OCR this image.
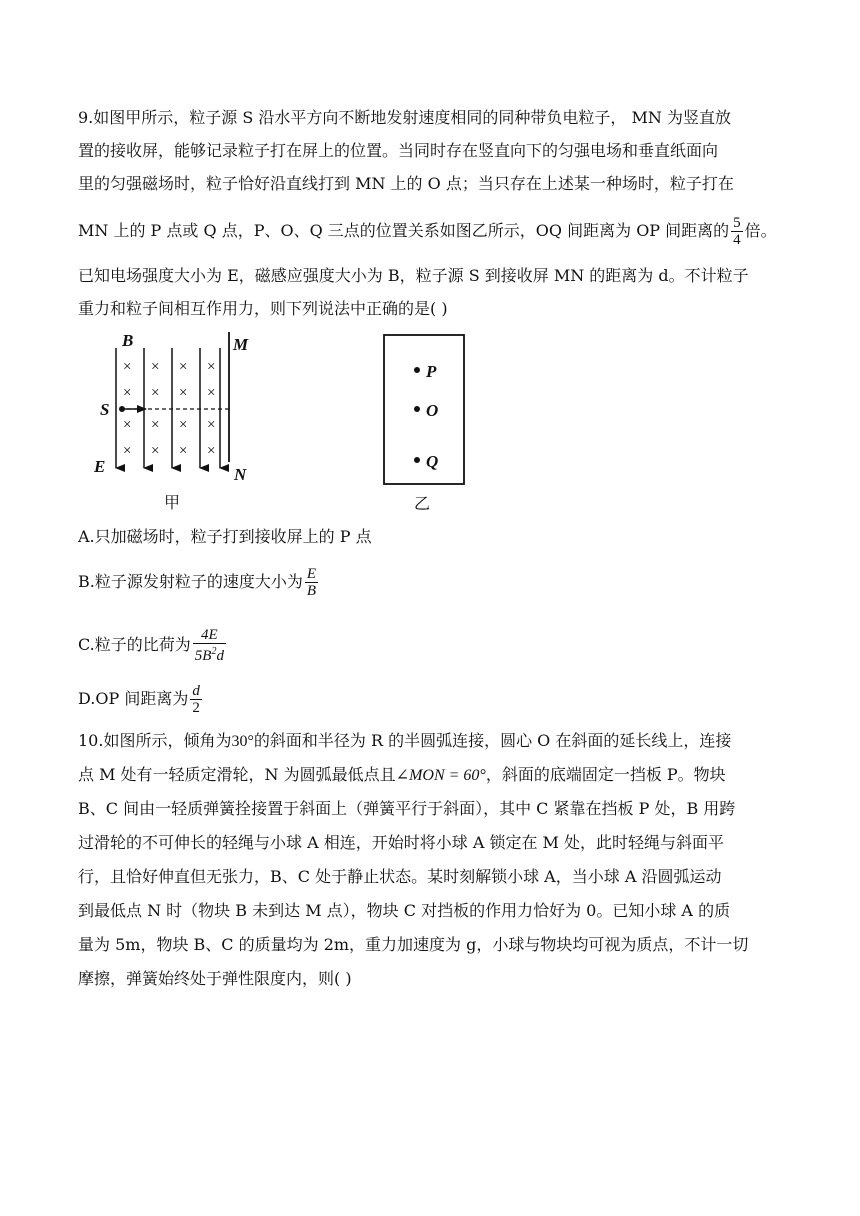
9.如图甲所示，粒子源 S 沿水平方向不断地发射速度相同的同种带负电粒子， MN 为竖直放
置的接收屏，能够记录粒子打在屏上的位置。当同时存在竖直向下的匀强电场和垂直纸面向
里的匀强磁场时，粒子恰好沿直线打到 MN 上的 O 点；当只存在上述某一种场时，粒子打在
MN 上的 P 点或 Q 点，P、O、Q 三点的位置关系如图乙所示，OQ 间距离为 OP 间距离的 $\frac{5}{4}$ 倍。
已知电场强度大小为 E，磁感应强度大小为 B，粒子源 S 到接收屏 MN 的距离为 d。不计粒子
重力和粒子间相互作用力，则下列说法中正确的是( )
× × × ×
× × × ×
× × × ×
× × × ×
B	M
S
E	N
甲
P
O
Q
乙
A.只加磁场时，粒子打到接收屏上的 P 点
B.粒子源发射粒子的速度大小为 $\frac{E}{B}$
C.粒子的比荷为 $\frac{4E}{5B^2d}$
D.OP 间距离为 $\frac{d}{2}$
10.如图所示，倾角为30°的斜面和半径为 R 的半圆弧连接，圆心 O 在斜面的延长线上，连接
点 M 处有一轻质定滑轮，N 为圆弧最低点且∠MON = 60°，斜面的底端固定一挡板 P。物块
B、C 间由一轻质弹簧拴接置于斜面上（弹簧平行于斜面），其中 C 紧靠在挡板 P 处，B 用跨
过滑轮的不可伸长的轻绳与小球 A 相连，开始时将小球 A 锁定在 M 处，此时轻绳与斜面平
行，且恰好伸直但无张力，B、C 处于静止状态。某时刻解锁小球 A，当小球 A 沿圆弧运动
到最低点 N 时（物块 B 未到达 M 点），物块 C 对挡板的作用力恰好为 0。已知小球 A 的质
量为 5m，物块 B、C 的质量均为 2m，重力加速度为 g，小球与物块均可视为质点，不计一切
摩擦，弹簧始终处于弹性限度内，则( )
